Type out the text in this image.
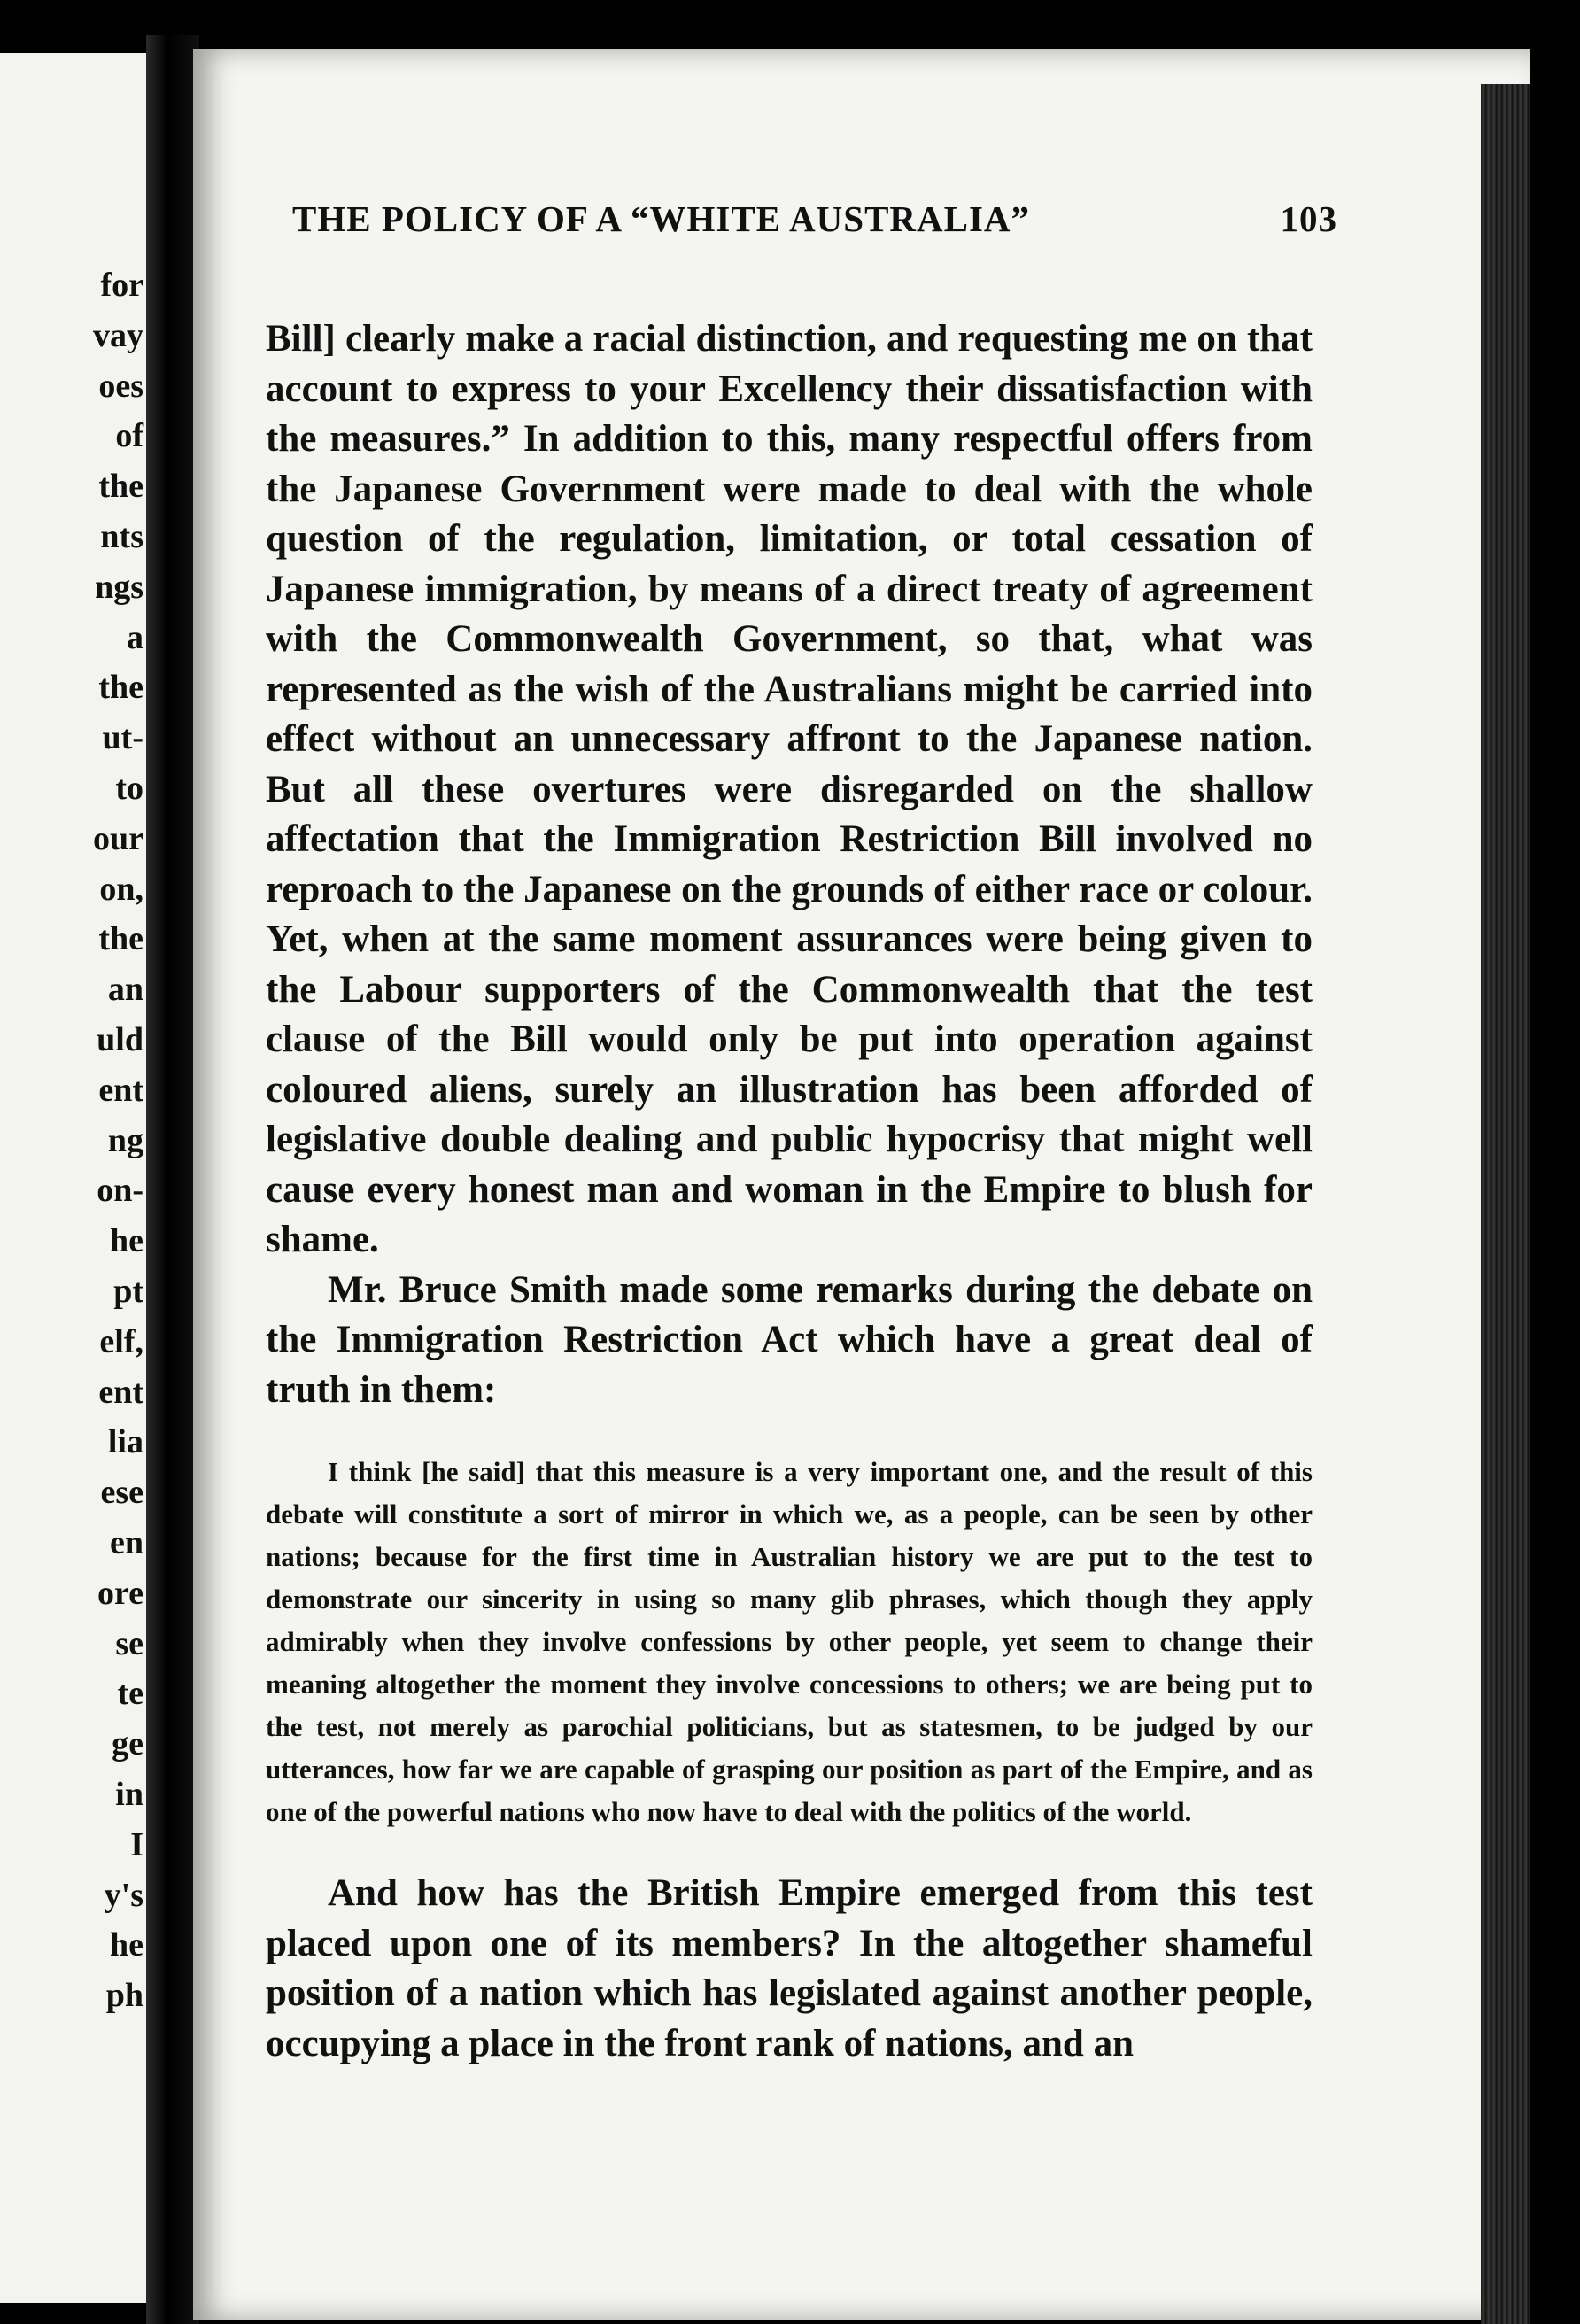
for
vay
oes
of
the
nts
ngs
a
the
ut-
to
our
on,
the
an
uld
ent
ng
on-
he
pt
elf,
ent
lia
ese
en
ore
se
te
ge
in
I
y's
he
ph
THE POLICY OF A “WHITE AUSTRALIA”	103

Bill] clearly make a racial distinction, and requesting me on that account to express to your Excellency their dissatisfaction with the measures.” In addition to this, many respectful offers from the Japanese Government were made to deal with the whole question of the regulation, limitation, or total cessation of Japanese immigration, by means of a direct treaty of agreement with the Commonwealth Government, so that, what was represented as the wish of the Australians might be carried into effect without an unnecessary affront to the Japanese nation. But all these overtures were disregarded on the shallow affectation that the Immigration Restriction Bill involved no reproach to the Japanese on the grounds of either race or colour. Yet, when at the same moment assurances were being given to the Labour supporters of the Commonwealth that the test clause of the Bill would only be put into operation against coloured aliens, surely an illustration has been afforded of legislative double dealing and public hypocrisy that might well cause every honest man and woman in the Empire to blush for shame.

Mr. Bruce Smith made some remarks during the debate on the Immigration Restriction Act which have a great deal of truth in them:

I think [he said] that this measure is a very important one, and the result of this debate will constitute a sort of mirror in which we, as a people, can be seen by other nations; because for the first time in Australian history we are put to the test to demonstrate our sincerity in using so many glib phrases, which though they apply admirably when they involve confessions by other people, yet seem to change their meaning altogether the moment they involve concessions to others; we are being put to the test, not merely as parochial politicians, but as statesmen, to be judged by our utterances, how far we are capable of grasping our position as part of the Empire, and as one of the powerful nations who now have to deal with the politics of the world.

And how has the British Empire emerged from this test placed upon one of its members? In the altogether shameful position of a nation which has legislated against another people, occupying a place in the front rank of nations, and an
